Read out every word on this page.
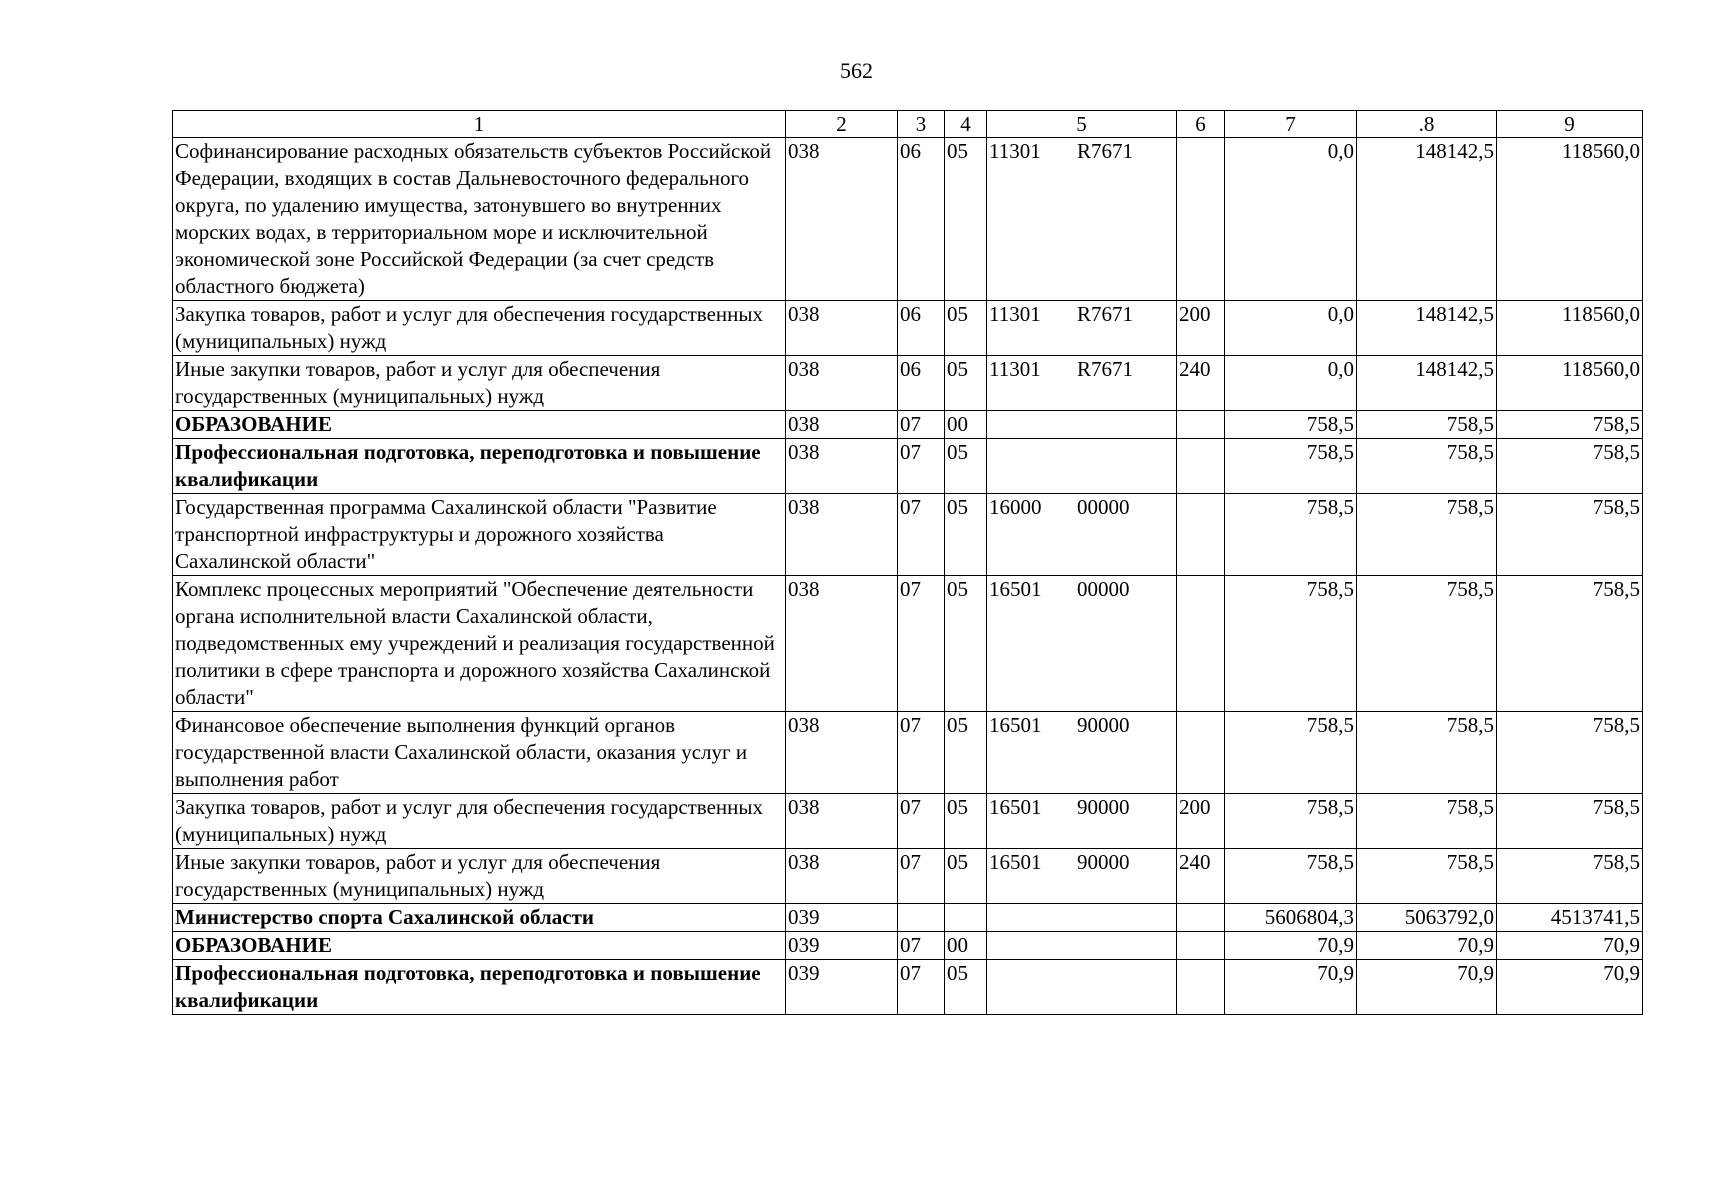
562
1	2	3	4	5	6	7	.8	9
Софинансирование расходных обязательств субъектов Российской Федерации, входящих в состав Дальневосточного федерального округа, по удалению имущества, затонувшего во внутренних морских водах, в территориальном море и исключительной экономической зоне Российской Федерации (за счет средств областного бюджета)	038	06	05	11301 R7671		0,0	148142,5	118560,0
Закупка товаров, работ и услуг для обеспечения государственных (муниципальных) нужд	038	06	05	11301 R7671	200	0,0	148142,5	118560,0
Иные закупки товаров, работ и услуг для обеспечения государственных (муниципальных) нужд	038	06	05	11301 R7671	240	0,0	148142,5	118560,0
ОБРАЗОВАНИЕ	038	07	00			758,5	758,5	758,5
Профессиональная подготовка, переподготовка и повышение квалификации	038	07	05			758,5	758,5	758,5
Государственная программа Сахалинской области "Развитие транспортной инфраструктуры и дорожного хозяйства Сахалинской области"	038	07	05	16000 00000		758,5	758,5	758,5
Комплекс процессных мероприятий "Обеспечение деятельности органа исполнительной власти Сахалинской области, подведомственных ему учреждений и реализация государственной политики в сфере транспорта и дорожного хозяйства Сахалинской области"	038	07	05	16501 00000		758,5	758,5	758,5
Финансовое обеспечение выполнения функций органов государственной власти Сахалинской области, оказания услуг и выполнения работ	038	07	05	16501 90000		758,5	758,5	758,5
Закупка товаров, работ и услуг для обеспечения государственных (муниципальных) нужд	038	07	05	16501 90000	200	758,5	758,5	758,5
Иные закупки товаров, работ и услуг для обеспечения государственных (муниципальных) нужд	038	07	05	16501 90000	240	758,5	758,5	758,5
Министерство спорта Сахалинской области	039					5606804,3	5063792,0	4513741,5
ОБРАЗОВАНИЕ	039	07	00			70,9	70,9	70,9
Профессиональная подготовка, переподготовка и повышение квалификации	039	07	05			70,9	70,9	70,9
